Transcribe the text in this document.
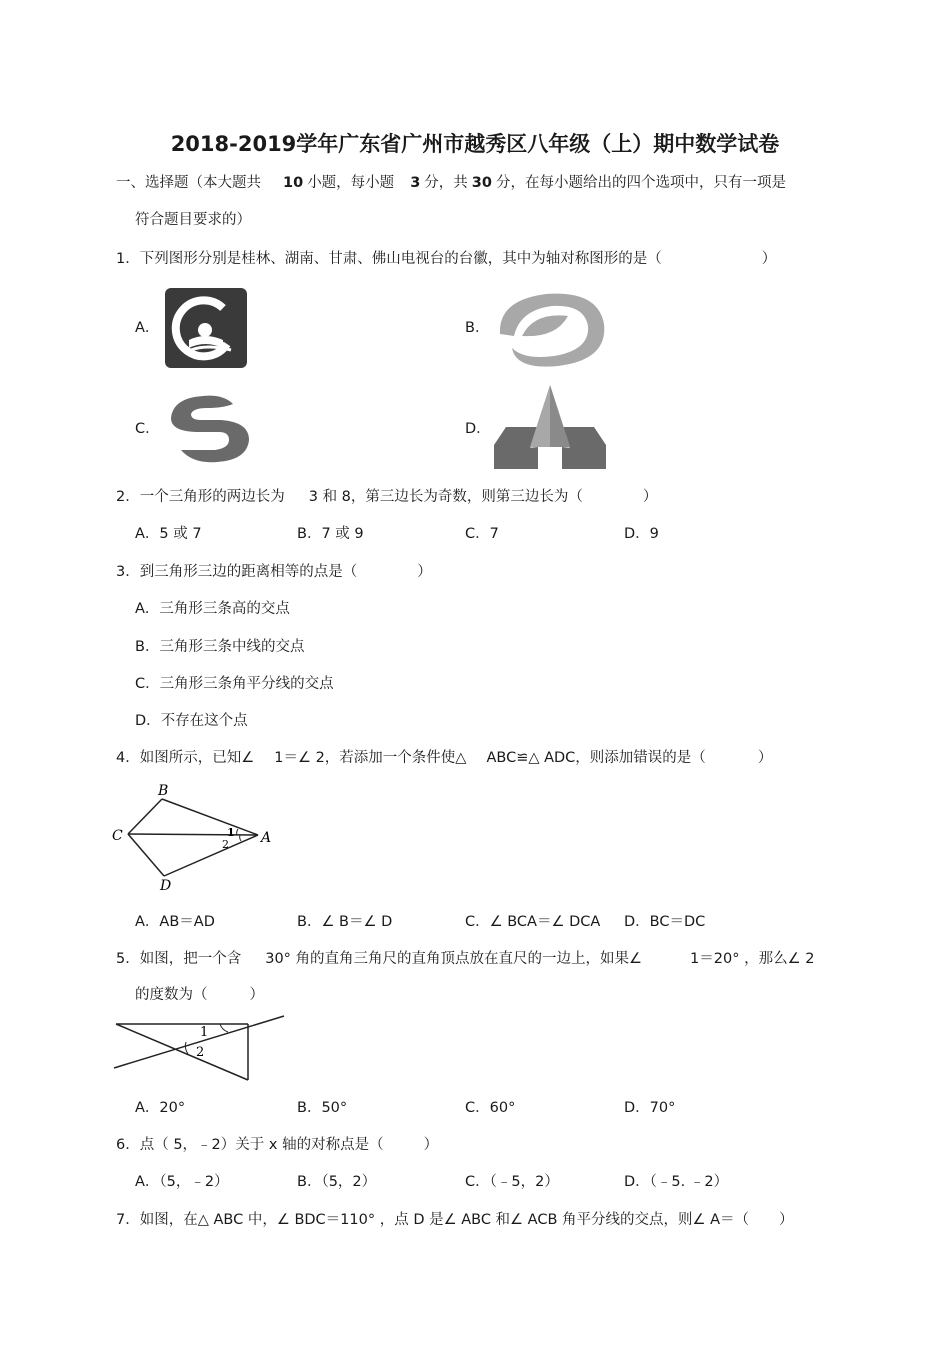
2018-2019学年广东省广州市越秀区八年级（上）期中数学试卷
一、选择题（本大题共 10 小题，每小题 3 分，共 30 分，在每小题给出的四个选项中，只有一项是
符合题目要求的）
1．下列图形分别是桂林、湖南、甘肃、佛山电视台的台徽，其中为轴对称图形的是（	）
A．	B．
C．	D．
2．一个三角形的两边长为 3 和 8，第三边长为奇数，则第三边长为（	）
A．5 或 7	B．7 或 9	C．7	D．9
3．到三角形三边的距离相等的点是（	）
A．三角形三条高的交点
B．三角形三条中线的交点
C．三角形三条角平分线的交点
D．不存在这个点
4．如图所示，已知∠ 1＝∠ 2，若添加一个条件使△ ABC≌△ ADC，则添加错误的是（	）
B
C	A
D
1
2
A．AB＝AD	B．∠ B＝∠ D	C．∠ BCA＝∠ DCA D．BC＝DC
5．如图，把一个含 30° 角的直角三角尺的直角顶点放在直尺的一边上，如果∠	1＝20° ，那么∠ 2
的度数为（	）
1
2
A．20°	B．50°	C．60°	D．70°
6．点（ 5，﹣2）关于 x 轴的对称点是（	）
A．（5，﹣2）	B．（5，2）	C．（﹣5，2）	D．（﹣5. ﹣2）
7．如图，在△ ABC 中，∠ BDC＝110° ，点 D 是∠ ABC 和∠ ACB 角平分线的交点，则∠ A＝（ ）
